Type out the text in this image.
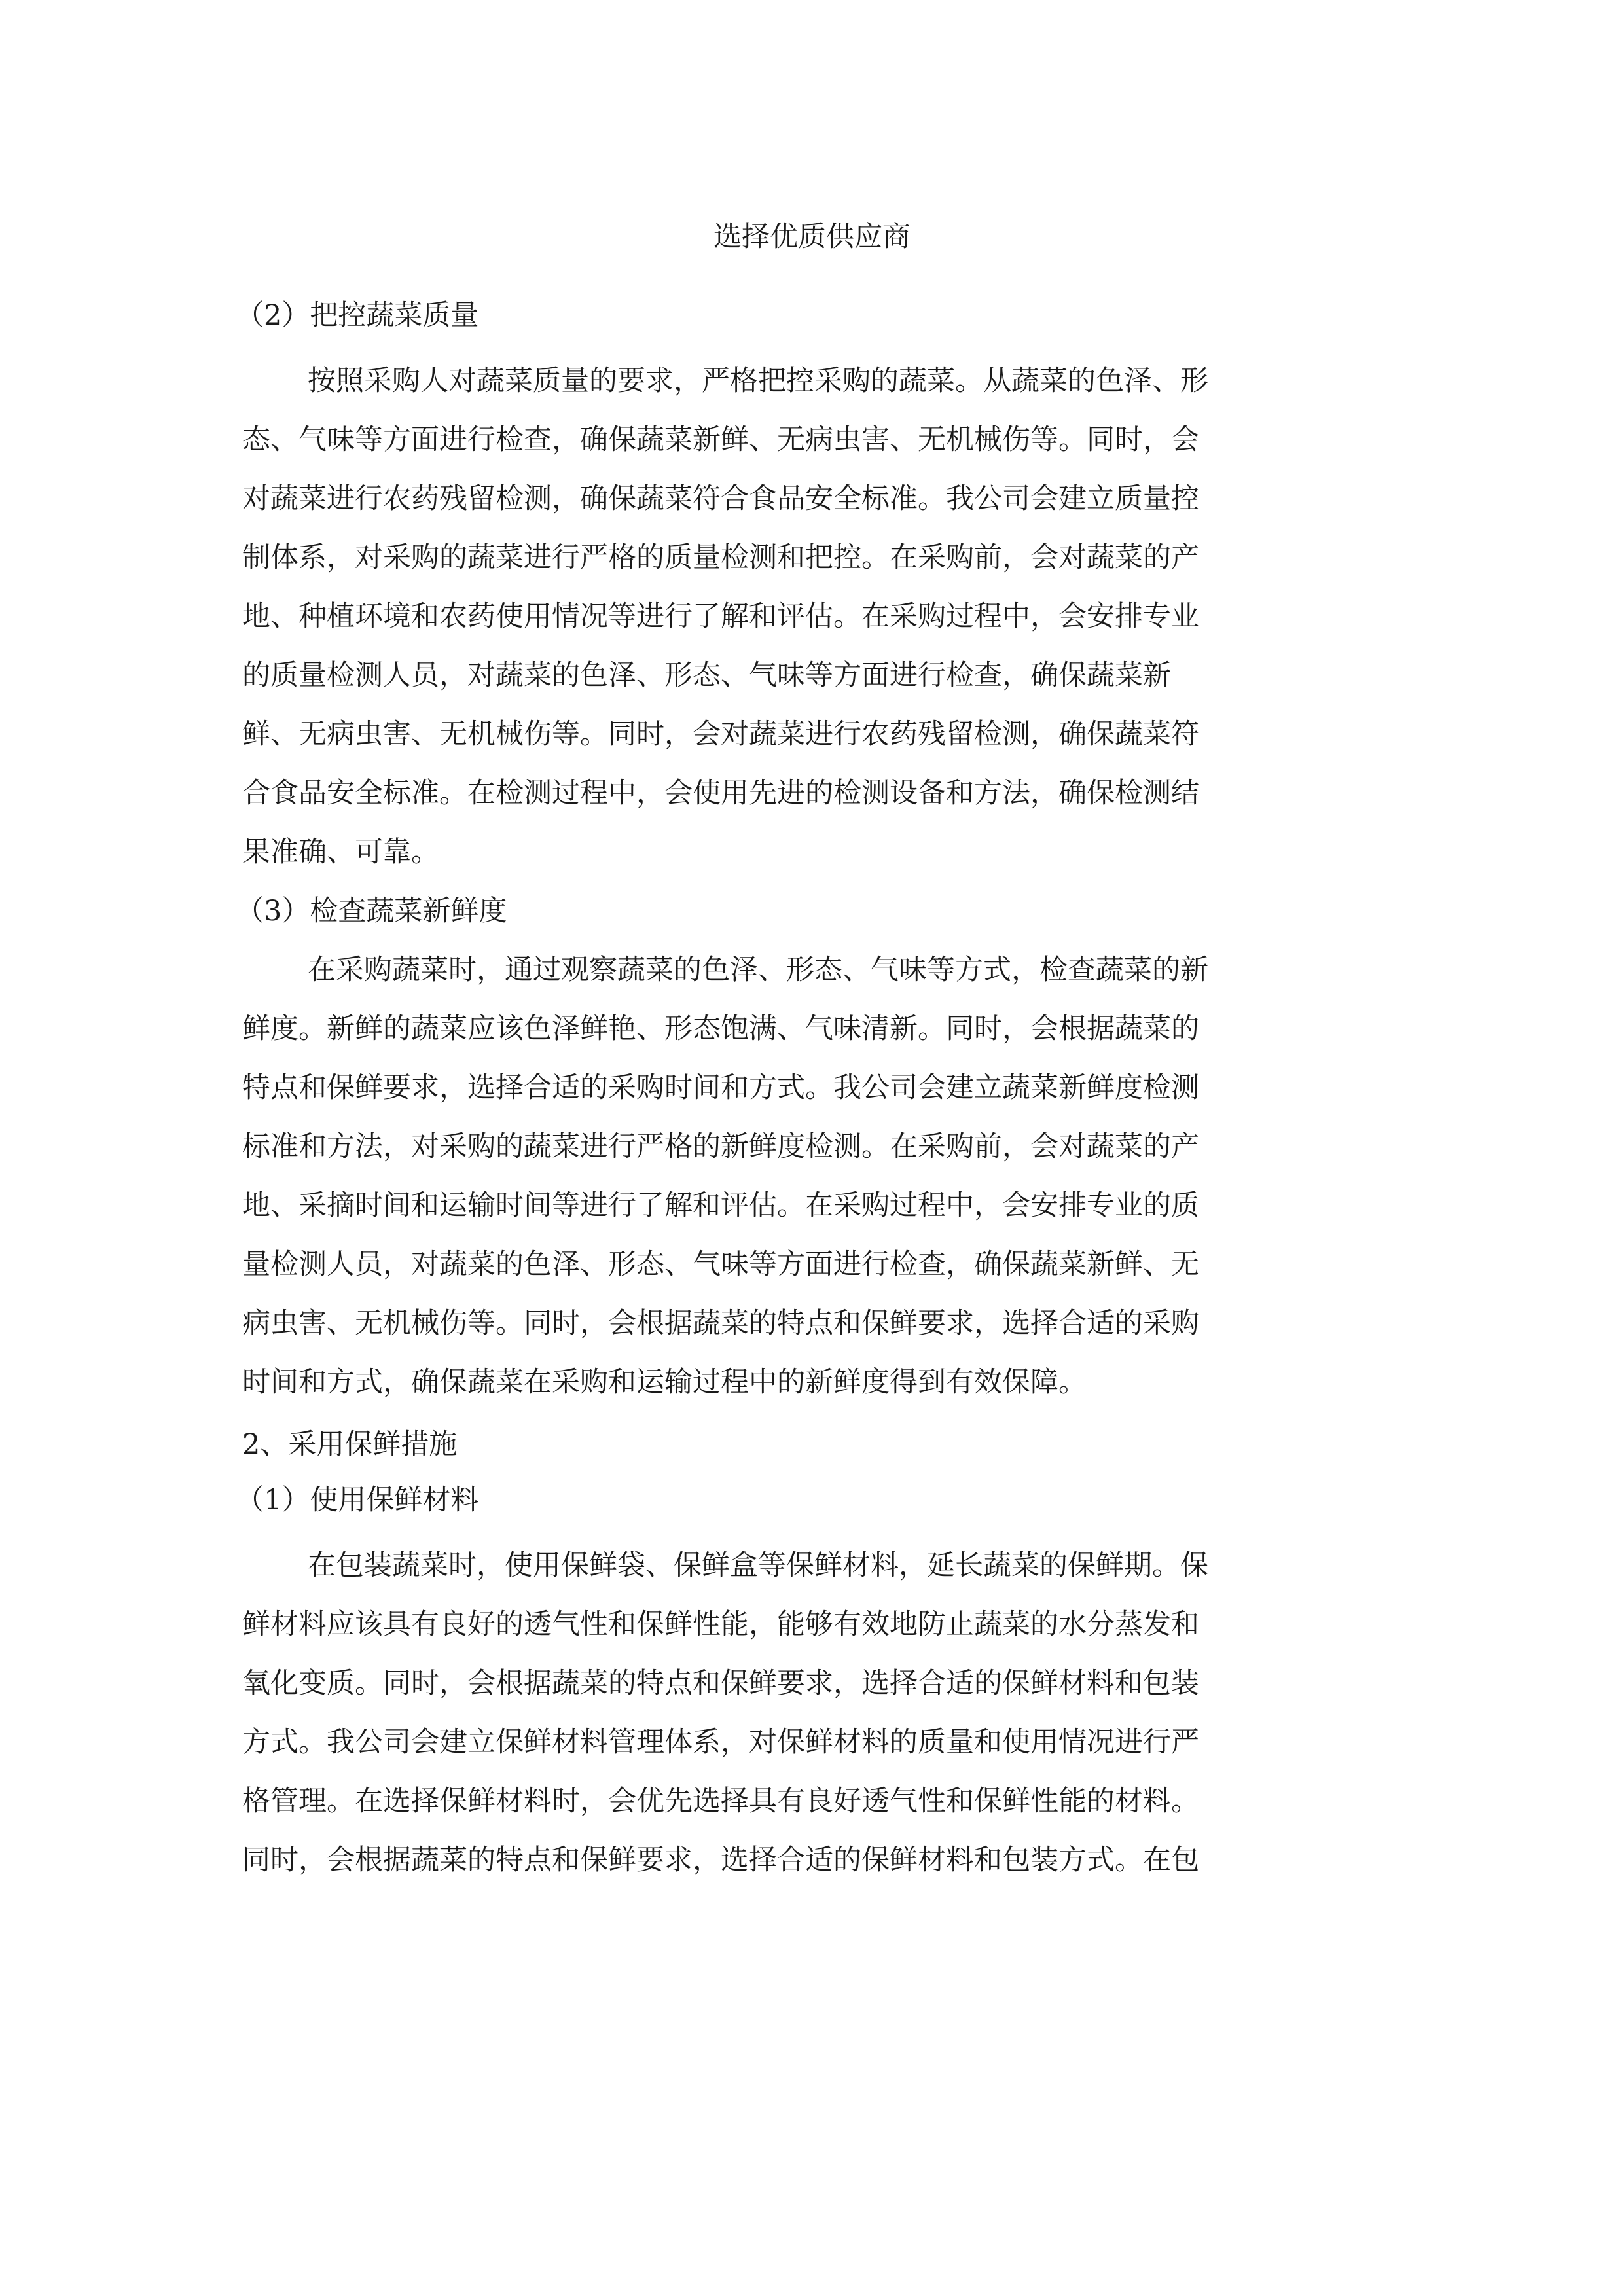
选择优质供应商

（2）把控蔬菜质量

按照采购人对蔬菜质量的要求，严格把控采购的蔬菜。从蔬菜的色泽、形

态、气味等方面进行检查，确保蔬菜新鲜、无病虫害、无机械伤等。同时，会

对蔬菜进行农药残留检测，确保蔬菜符合食品安全标准。我公司会建立质量控

制体系，对采购的蔬菜进行严格的质量检测和把控。在采购前，会对蔬菜的产

地、种植环境和农药使用情况等进行了解和评估。在采购过程中，会安排专业

的质量检测人员，对蔬菜的色泽、形态、气味等方面进行检查，确保蔬菜新

鲜、无病虫害、无机械伤等。同时，会对蔬菜进行农药残留检测，确保蔬菜符

合食品安全标准。在检测过程中，会使用先进的检测设备和方法，确保检测结

果准确、可靠。

（3）检查蔬菜新鲜度

在采购蔬菜时，通过观察蔬菜的色泽、形态、气味等方式，检查蔬菜的新

鲜度。新鲜的蔬菜应该色泽鲜艳、形态饱满、气味清新。同时，会根据蔬菜的

特点和保鲜要求，选择合适的采购时间和方式。我公司会建立蔬菜新鲜度检测

标准和方法，对采购的蔬菜进行严格的新鲜度检测。在采购前，会对蔬菜的产

地、采摘时间和运输时间等进行了解和评估。在采购过程中，会安排专业的质

量检测人员，对蔬菜的色泽、形态、气味等方面进行检查，确保蔬菜新鲜、无

病虫害、无机械伤等。同时，会根据蔬菜的特点和保鲜要求，选择合适的采购

时间和方式，确保蔬菜在采购和运输过程中的新鲜度得到有效保障。

2、采用保鲜措施

（1）使用保鲜材料

在包装蔬菜时，使用保鲜袋、保鲜盒等保鲜材料，延长蔬菜的保鲜期。保

鲜材料应该具有良好的透气性和保鲜性能，能够有效地防止蔬菜的水分蒸发和

氧化变质。同时，会根据蔬菜的特点和保鲜要求，选择合适的保鲜材料和包装

方式。我公司会建立保鲜材料管理体系，对保鲜材料的质量和使用情况进行严

格管理。在选择保鲜材料时，会优先选择具有良好透气性和保鲜性能的材料。

同时，会根据蔬菜的特点和保鲜要求，选择合适的保鲜材料和包装方式。在包
